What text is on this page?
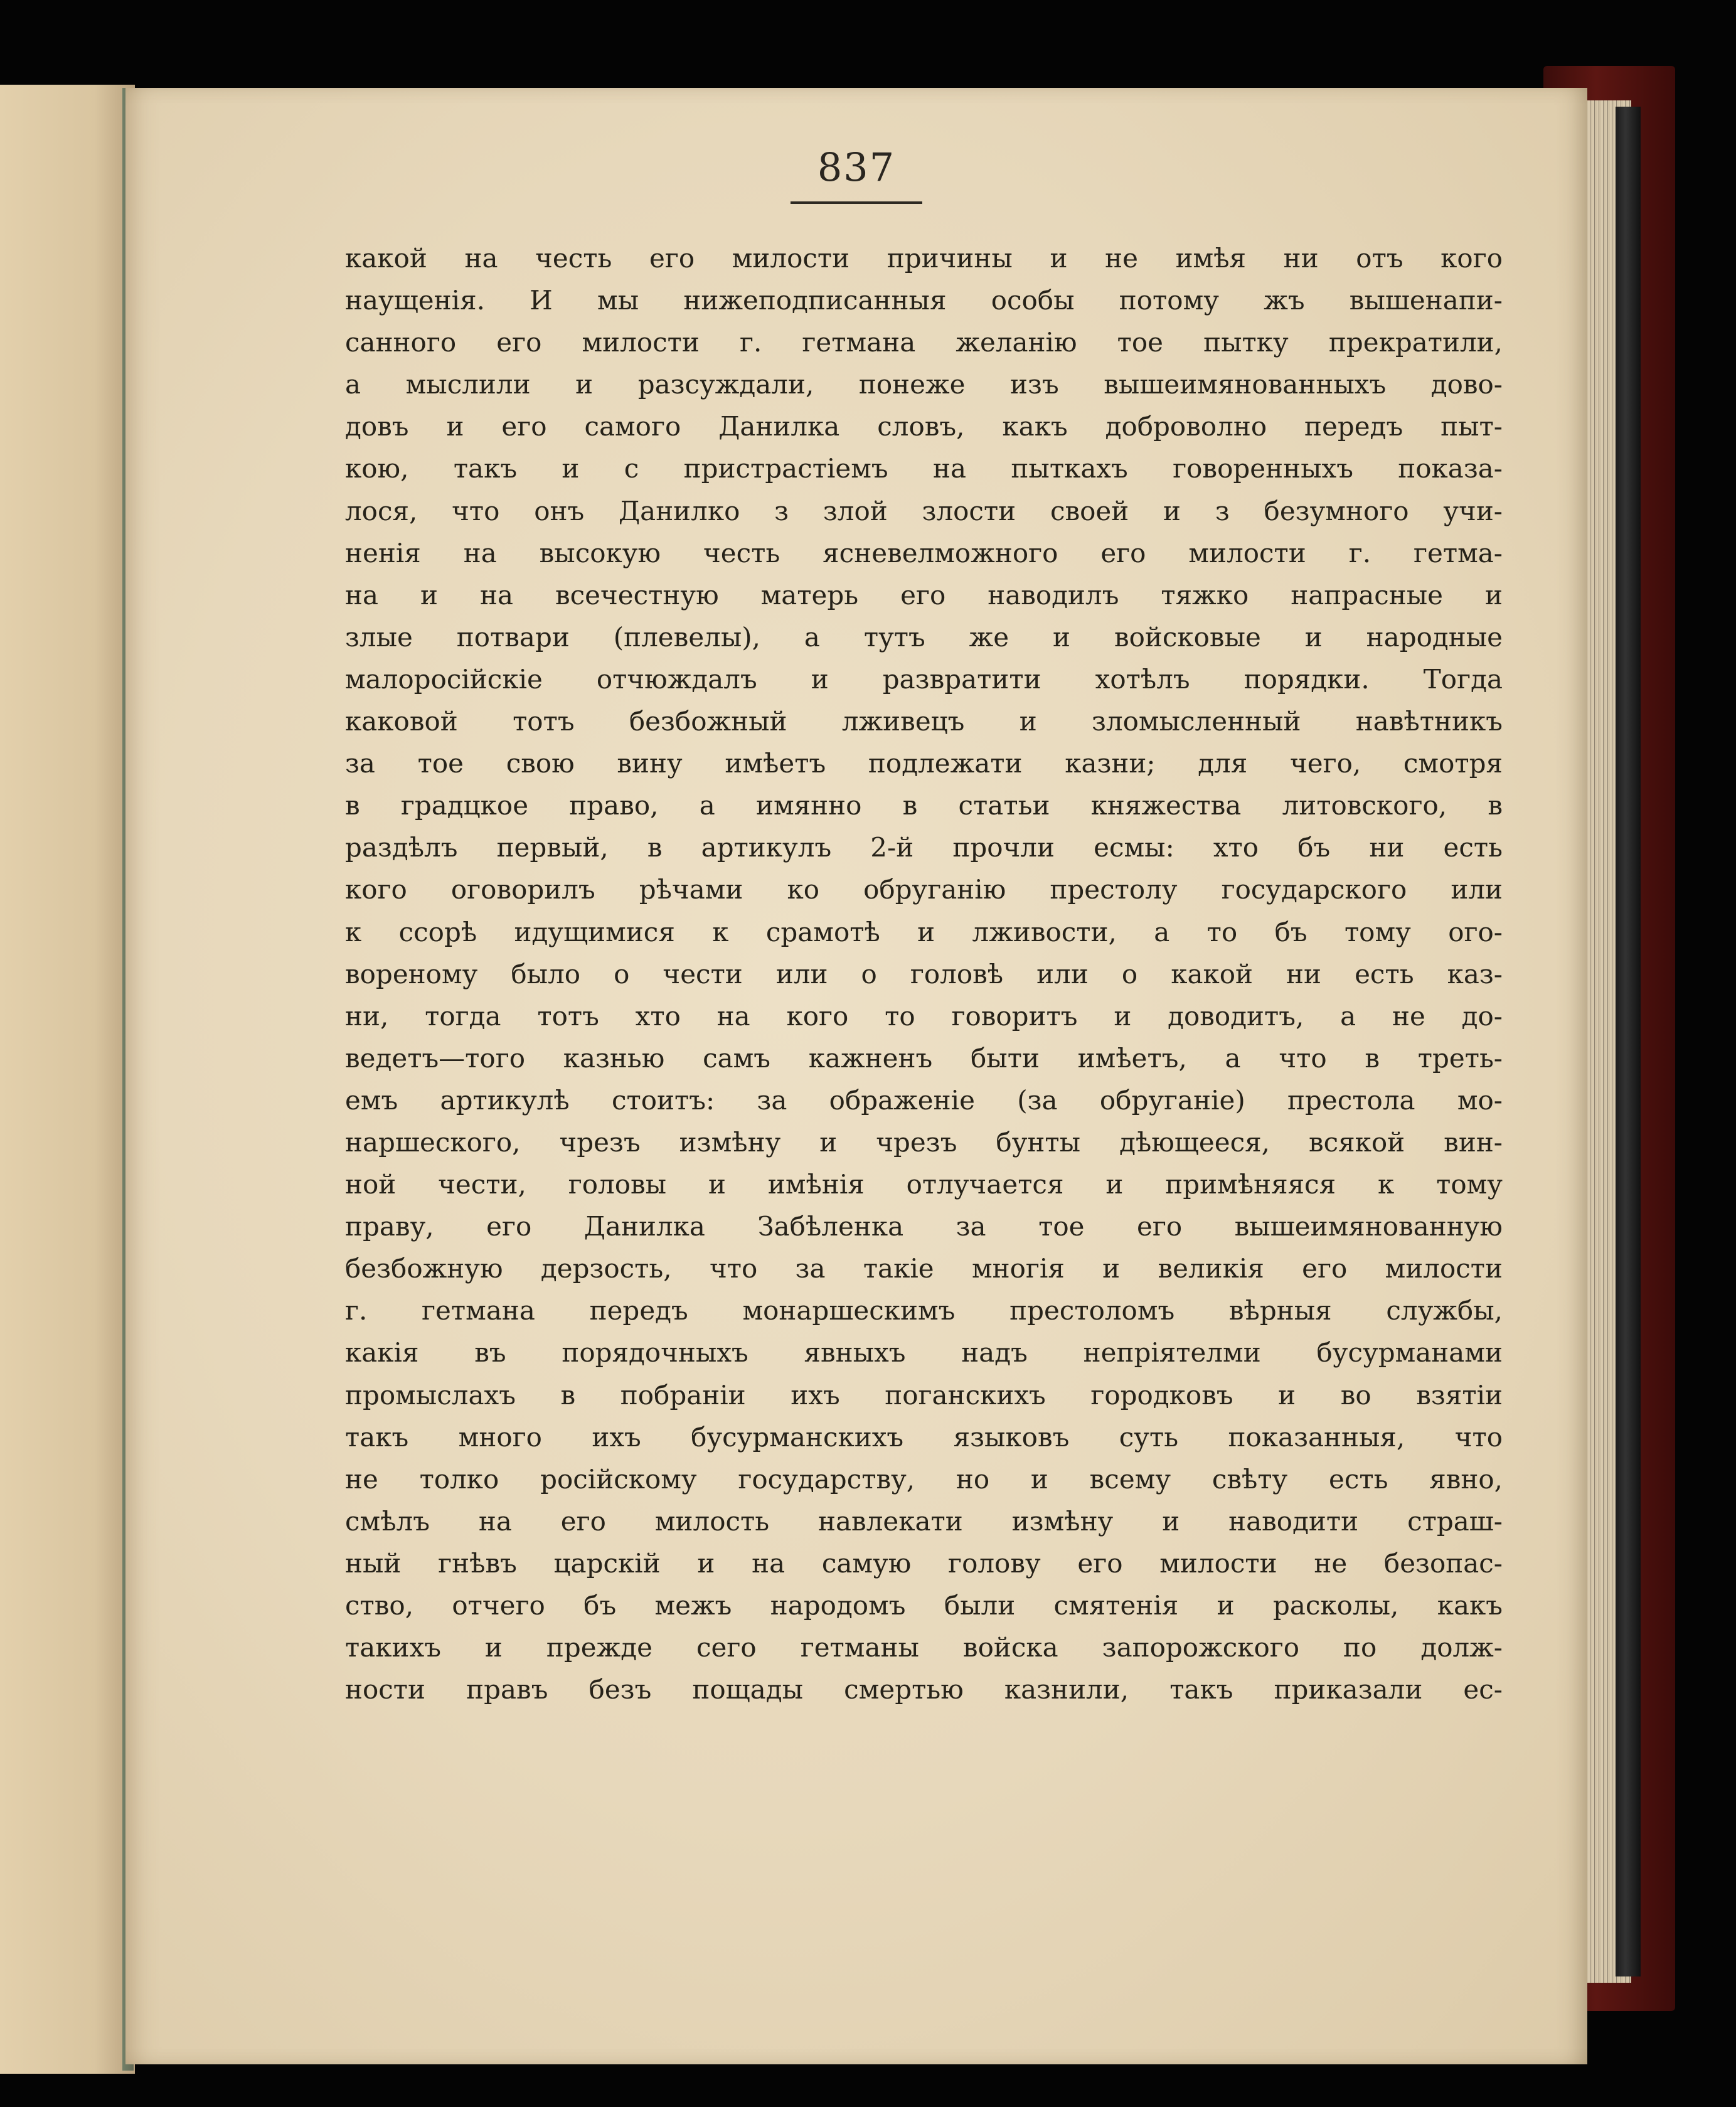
837
какой на честь его милости причины и не имѣя ни отъ кого
наущенія. И мы нижеподписанныя особы потому жъ вышенапи-
санного его милости г. гетмана желанію тое пытку прекратили,
а мыслили и разсуждали, понеже изъ вышеимянованныхъ дово-
довъ и его самого Данилка словъ, какъ доброволно передъ пыт-
кою, такъ и с пристрастіемъ на пыткахъ говоренныхъ показа-
лося, что онъ Данилко з злой злости своей и з безумного учи-
ненія на высокую честь ясневелможного его милости г. гетма-
на и на всечестную матерь его наводилъ тяжко напрасные и
злые потвари (плевелы), а тутъ же и войсковые и народные
малоросійскіе отчюждалъ и развратити хотѣлъ порядки. Тогда
каковой тотъ безбожный лживецъ и зломысленный навѣтникъ
за тое свою вину имѣетъ подлежати казни; для чего, смотря
в градцкое право, а имянно в статьи княжества литовского, в
раздѣлъ первый, в артикулъ 2-й прочли есмы: хто бъ ни есть
кого оговорилъ рѣчами ко обруганію престолу государского или
к ссорѣ идущимися к срамотѣ и лживости, а то бъ тому ого-
вореному было о чести или о головѣ или о какой ни есть каз-
ни, тогда тотъ хто на кого то говоритъ и доводитъ, а не до-
ведетъ—того казнью самъ кажненъ быти имѣетъ, а что в треть-
емъ артикулѣ стоитъ: за ображеніе (за обруганіе) престола мо-
наршеского, чрезъ измѣну и чрезъ бунты дѣющееся, всякой вин-
ной чести, головы и имѣнія отлучается и примѣняяся к тому
праву, его Данилка Забѣленка за тое его вышеимянованную
безбожную дерзость, что за такіе многія и великія его милости
г. гетмана передъ монаршескимъ престоломъ вѣрныя службы,
какія въ порядочныхъ явныхъ надъ непріятелми бусурманами
промыслахъ в побраніи ихъ поганскихъ городковъ и во взятіи
такъ много ихъ бусурманскихъ языковъ суть показанныя, что
не толко російскому государству, но и всему свѣту есть явно,
смѣлъ на его милость навлекати измѣну и наводити страш-
ный гнѣвъ царскій и на самую голову его милости не безопас-
ство, отчего бъ межъ народомъ были смятенія и расколы, какъ
такихъ и прежде сего гетманы войска запорожского по долж-
ности правъ безъ пощады смертью казнили, такъ приказали ес-
